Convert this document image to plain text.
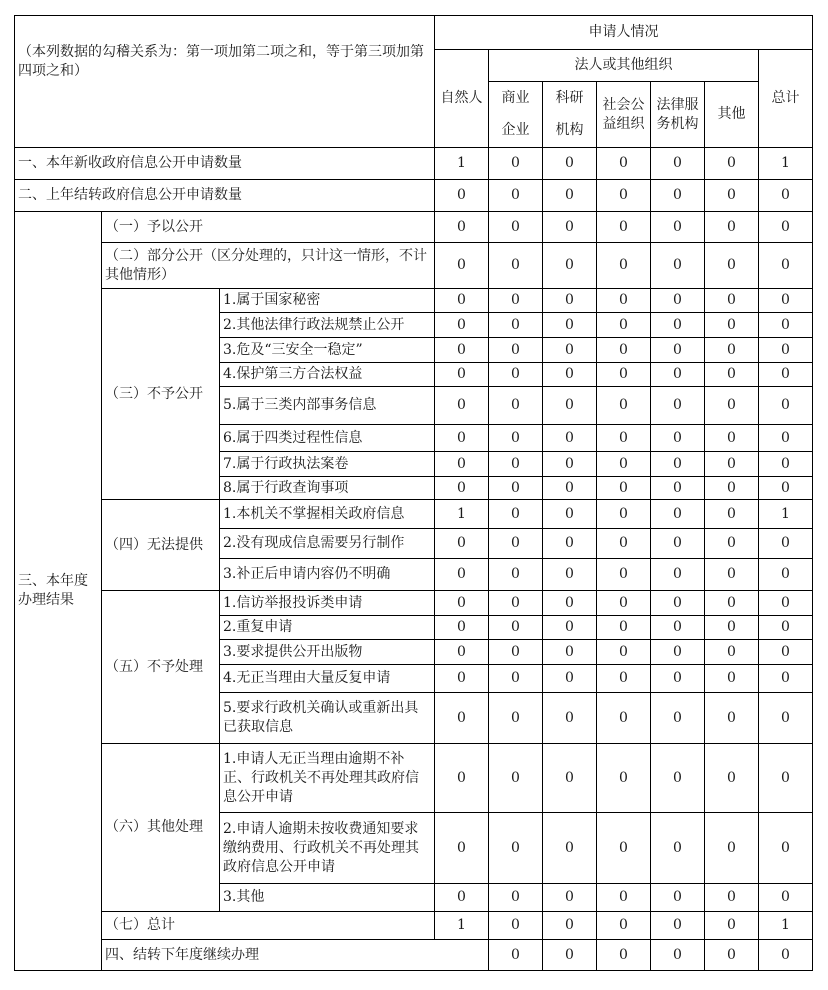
（本列数据的勾稽关系为：第一项加第二项之和，等于第三项加第四项之和）			申请人情况							
			自然人	法人或其他组织					总计	
				商业	科研	社会公益组织	法律服务机构	其他		
				企业	机构					
一、本年新收政府信息公开申请数量			1	0	0	0	0	0	1	
二、上年结转政府信息公开申请数量			0	0	0	0	0	0	0	
三、本年度办理结果	（一）予以公开		0	0	0	0	0	0	0	
	（二）部分公开（区分处理的，只计这一情形，不计其他情形）		0	0	0	0	0	0	0	
	（三）不予公开	1.属于国家秘密	0	0	0	0	0	0	0	
		2.其他法律行政法规禁止公开	0	0	0	0	0	0	0	
		3.危及“三安全一稳定”	0	0	0	0	0	0	0	
		4.保护第三方合法权益	0	0	0	0	0	0	0	
		5.属于三类内部事务信息	0	0	0	0	0	0	0	
		6.属于四类过程性信息	0	0	0	0	0	0	0	
		7.属于行政执法案卷	0	0	0	0	0	0	0	
		8.属于行政查询事项	0	0	0	0	0	0	0	
	（四）无法提供	1.本机关不掌握相关政府信息	1	0	0	0	0	0	1	
		2.没有现成信息需要另行制作	0	0	0	0	0	0	0	
		3.补正后申请内容仍不明确	0	0	0	0	0	0	0	
	（五）不予处理	1.信访举报投诉类申请	0	0	0	0	0	0	0	
		2.重复申请	0	0	0	0	0	0	0	
		3.要求提供公开出版物	0	0	0	0	0	0	0	
		4.无正当理由大量反复申请	0	0	0	0	0	0	0	
		5.要求行政机关确认或重新出具已获取信息	0	0	0	0	0	0	0	
	（六）其他处理	1.申请人无正当理由逾期不补正、行政机关不再处理其政府信息公开申请	0	0	0	0	0	0	0	
		2.申请人逾期未按收费通知要求缴纳费用、行政机关不再处理其政府信息公开申请	0	0	0	0	0	0	0	
		3.其他	0	0	0	0	0	0	0	
	（七）总计		1	0	0	0	0	0	1	
	四、结转下年度继续办理			0	0	0	0	0	0	
